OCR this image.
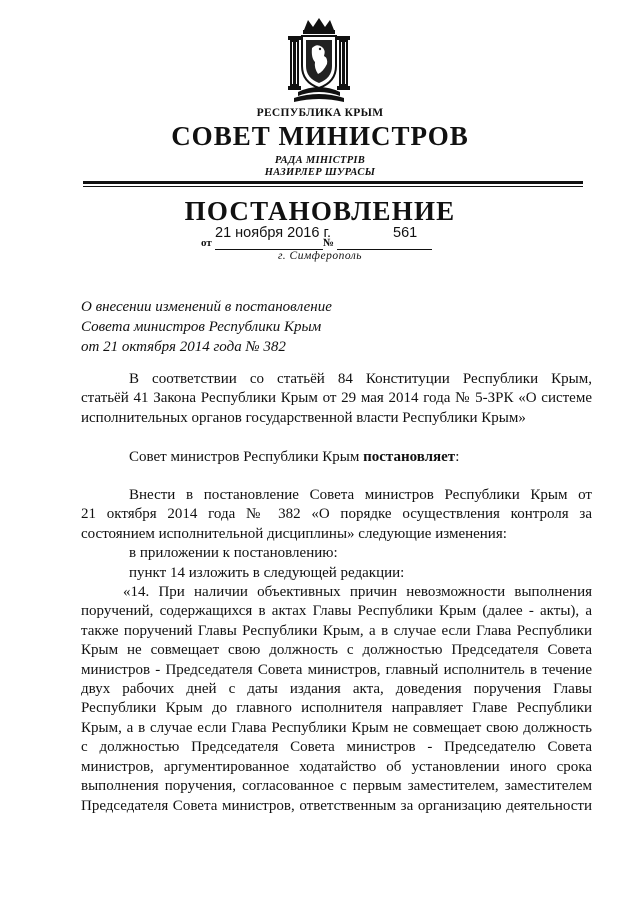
РЕСПУБЛИКА КРЫМ
СОВЕТ МИНИСТРОВ
РАДА МІНІСТРІВ
НАЗИРЛЕР ШУРАСЫ
ПОСТАНОВЛЕНИЕ
21 ноября 2016 г.	561
от	№
г. Симферополь
О внесении изменений в постановление
Совета министров Республики Крым
от 21 октября 2014 года № 382
В соответствии со статьёй 84 Конституции Республики Крым,
статьёй 41 Закона Республики Крым от 29 мая 2014 года № 5-ЗРК «О системе
исполнительных органов государственной власти Республики Крым»
Совет министров Республики Крым постановляет:
Внести в постановление Совета министров Республики Крым от
21 октября 2014 года № 382 «О порядке осуществления контроля за
состоянием исполнительной дисциплины» следующие изменения:
в приложении к постановлению:
пункт 14 изложить в следующей редакции:
«14. При наличии объективных причин невозможности выполнения
поручений, содержащихся в актах Главы Республики Крым (далее - акты), а
также поручений Главы Республики Крым, а в случае если Глава Республики
Крым не совмещает свою должность с должностью Председателя Совета
министров - Председателя Совета министров, главный исполнитель в течение
двух рабочих дней с даты издания акта, доведения поручения Главы
Республики Крым до главного исполнителя направляет Главе Республики
Крым, а в случае если Глава Республики Крым не совмещает свою должность
с должностью Председателя Совета министров - Председателю Совета
министров, аргументированное ходатайство об установлении иного срока
выполнения поручения, согласованное с первым заместителем, заместителем
Председателя Совета министров, ответственным за организацию деятельности
